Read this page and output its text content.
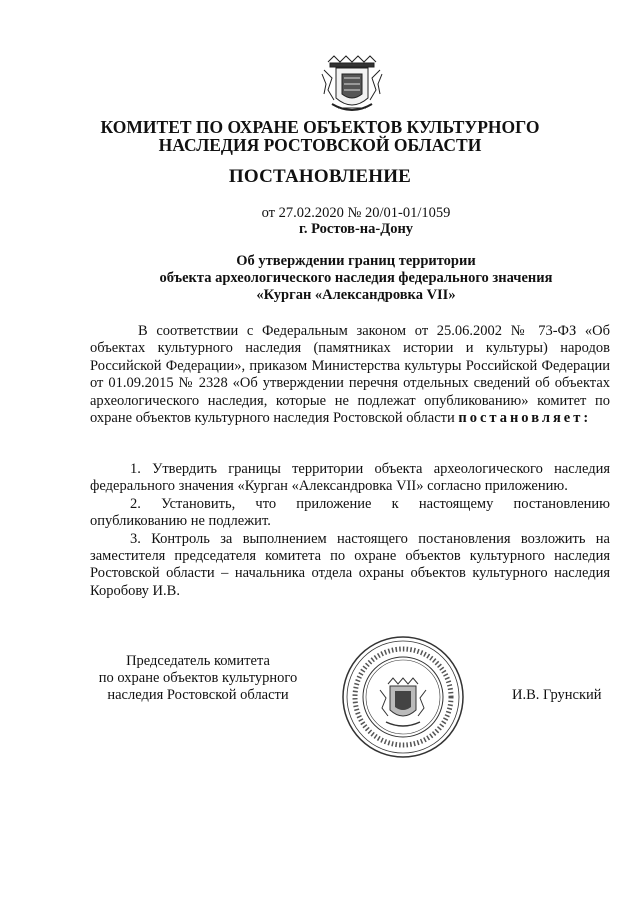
КОМИТЕТ ПО ОХРАНЕ ОБЪЕКТОВ КУЛЬТУРНОГО
НАСЛЕДИЯ РОСТОВСКОЙ ОБЛАСТИ
ПОСТАНОВЛЕНИЕ
от 27.02.2020 № 20/01-01/1059
г. Ростов-на-Дону
Об утверждении границ территории
объекта археологического наследия федерального значения
«Курган «Александровка VII»
В соответствии с Федеральным законом от 25.06.2002 № 73-ФЗ «Об объектах культурного наследия (памятниках истории и культуры) народов Российской Федерации», приказом Министерства культуры Российской Федерации от 01.09.2015 № 2328 «Об утверждении перечня отдельных сведений об объектах археологического наследия, которые не подлежат опубликованию» комитет по охране объектов культурного наследия Ростовской области постановляет:

1. Утвердить границы территории объекта археологического наследия федерального значения «Курган «Александровка VII» согласно приложению.

2. Установить, что приложение к настоящему постановлению опубликованию не подлежит.

3. Контроль за выполнением настоящего постановления возложить на заместителя председателя комитета по охране объектов культурного наследия Ростовской области – начальника отдела охраны объектов культурного наследия Коробову И.В.

Председатель комитета
по охране объектов культурного
наследия Ростовской области	И.В. Грунский
